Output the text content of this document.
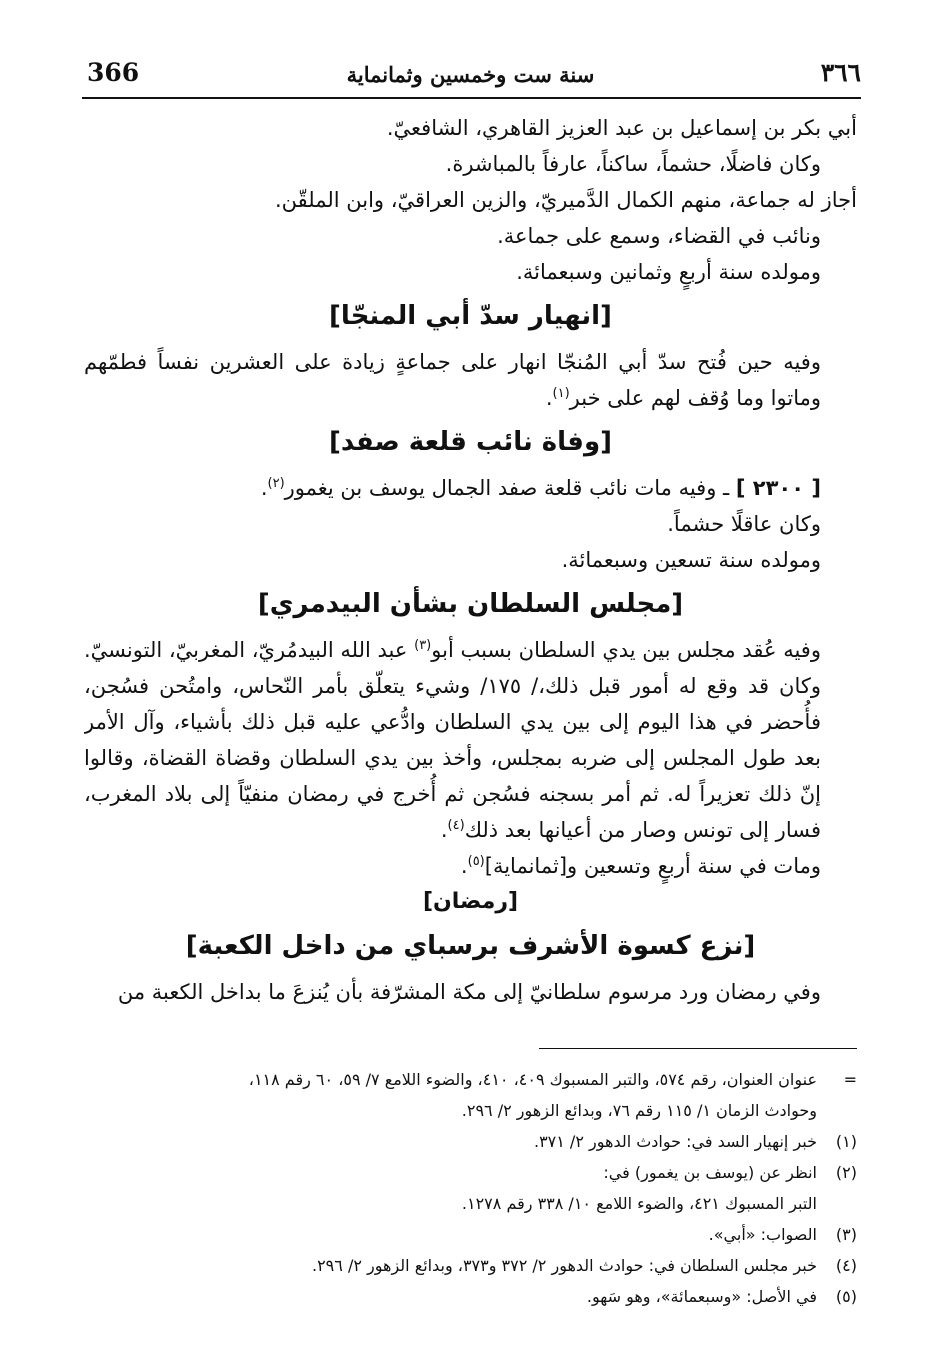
366	سنة ست وخمسين وثمانماية	٣٦٦
أبي بكر بن إسماعيل بن عبد العزيز القاهري، الشافعيّ.
وكان فاضلًا، حشماً، ساكناً، عارفاً بالمباشرة.
أجاز له جماعة، منهم الكمال الدَّميريّ، والزين العراقيّ، وابن الملقّن.
ونائب في القضاء، وسمع على جماعة.
ومولده سنة أربعٍ وثمانين وسبعمائة.
[انهيار سدّ أبي المنجّا]
وفيه حين فُتح سدّ أبي المُنجّا انهار على جماعةٍ زيادة على العشرين نفساً فطمّهم وماتوا وما وُقف لهم على خبر$^{(١)}$.
[وفاة نائب قلعة صفد]
[ ٢٣٠٠ ] ـ وفيه مات نائب قلعة صفد الجمال يوسف بن يغمور$^{(٢)}$.
وكان عاقلًا حشماً.
ومولده سنة تسعين وسبعمائة.
[مجلس السلطان بشأن البيدمري]
وفيه عُقد مجلس بين يدي السلطان بسبب أبو$^{(٣)}$ عبد الله البيدمُريّ، المغربيّ، التونسيّ. وكان قد وقع له أمور قبل ذلك،/ ١٧٥/ وشيء يتعلّق بأمر النّحاس، وامتُحن فسُجن، فأُحضر في هذا اليوم إلى بين يدي السلطان وادُّعي عليه قبل ذلك بأشياء، وآل الأمر بعد طول المجلس إلى ضربه بمجلس، وأخذ بين يدي السلطان وقضاة القضاة، وقالوا إنّ ذلك تعزيراً له. ثم أمر بسجنه فسُجن ثم أُخرج في رمضان منفيّاً إلى بلاد المغرب، فسار إلى تونس وصار من أعيانها بعد ذلك$^{(٤)}$.
ومات في سنة أربعٍ وتسعين و[ثمانماية]$^{(٥)}$.
[رمضان]
[نزع كسوة الأشرف برسباي من داخل الكعبة]
وفي رمضان ورد مرسوم سلطانيّ إلى مكة المشرّفة بأن يُنزعَ ما بداخل الكعبة من
=
عنوان العنوان، رقم ٥٧٤، والتبر المسبوك ٤٠٩، ٤١٠، والضوء اللامع ٧/ ٥٩، ٦٠ رقم ١١٨،
وحوادث الزمان ١/ ١١٥ رقم ٧٦، وبدائع الزهور ٢/ ٢٩٦.
(١)
خبر إنهيار السد في: حوادث الدهور ٢/ ٣٧١.
(٢)
انظر عن (يوسف بن يغمور) في:
التبر المسبوك ٤٢١، والضوء اللامع ١٠/ ٣٣٨ رقم ١٢٧٨.
(٣)
الصواب: «أبي».
(٤)
خبر مجلس السلطان في: حوادث الدهور ٢/ ٣٧٢ و٣٧٣، وبدائع الزهور ٢/ ٢٩٦.
(٥)
في الأصل: «وسبعمائة»، وهو سَهو.
